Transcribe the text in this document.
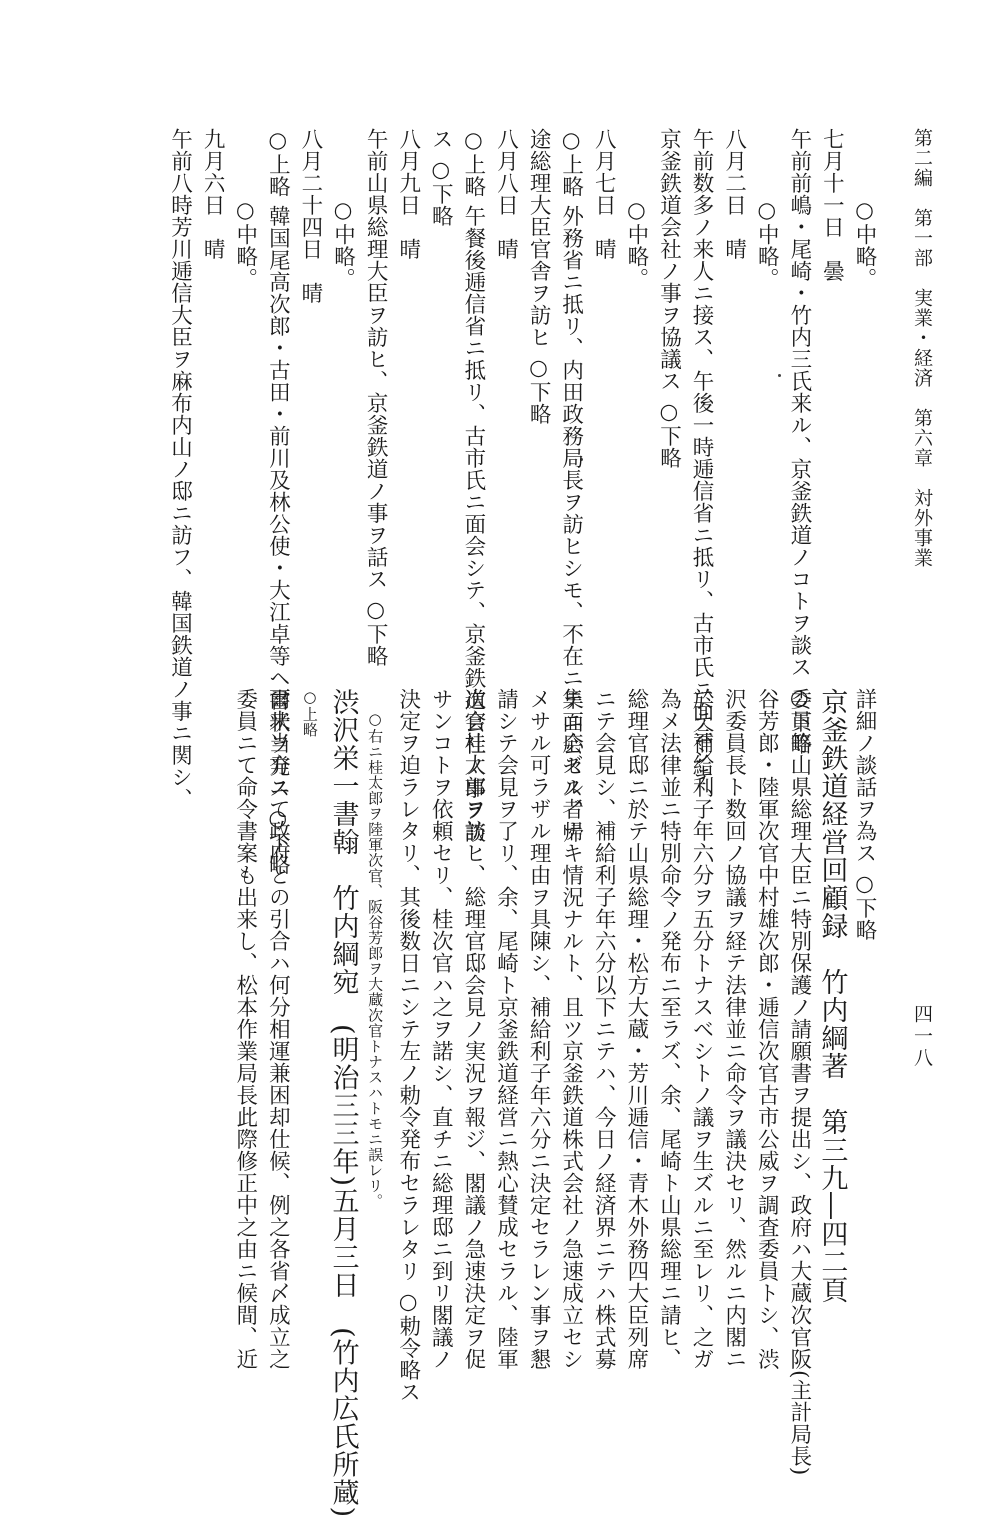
第二編　第一部　実業・経済　第六章　対外事業
四一八
○中略。
七月十一日　曇
午前前嶋・尾崎・竹内三氏来ル、京釜鉄道ノコトヲ談ス ○下略
○中略。
八月二日　晴
午前数多ノ来人ニ接ス、午後一時逓信省ニ抵リ、古市氏ニ面会シテ、
京釜鉄道会社ノ事ヲ協議ス ○下略
○中略。
八月七日　晴
○上略 外務省ニ抵リ、内田政務局長ヲ訪ヒシモ、不在ニテ面会セス、帰
途総理大臣官舎ヲ訪ヒ ○下略
八月八日　晴
○上略 午餐後逓信省ニ抵リ、古市氏ニ面会シテ、京釜鉄道会社ノ事ヲ談
ス ○下略
八月九日　晴
午前山県総理大臣ヲ訪ヒ、京釜鉄道ノ事ヲ話ス ○下略
○中略。
八月二十四日　晴
○上略 韓国尾高次郎・古田・前川及林公使・大江卓等ヘ書状ヲ発ス ○下略
○中略。
九月六日　晴
午前八時芳川逓信大臣ヲ麻布内山ノ邸ニ訪フ、韓国鉄道ノ事ニ関シ、
詳細ノ談話ヲ為ス ○下略
京釜鉄道経営回顧録　竹内綱著　第三九―四二頁
委員等山県総理大臣ニ特別保護ノ請願書ヲ提出シ、政府ハ大蔵次官阪(主計局長)
谷芳郎・陸軍次官中村雄次郎・逓信次官古市公威ヲ調査委員トシ、渋
沢委員長ト数回ノ協議ヲ経テ法律並ニ命令ヲ議決セリ、然ルニ内閣ニ
於テ補給利子年六分ヲ五分トナスベシトノ議ヲ生ズルニ至レリ、之ガ
為メ法律並ニ特別命令ノ発布ニ至ラズ、余、尾崎ト山県総理ニ請ヒ、
総理官邸ニ於テ山県総理・松方大蔵・芳川逓信・青木外務四大臣列席
ニテ会見シ、補給利子年六分以下ニテハ、今日ノ経済界ニテハ株式募
集ニ応ズル者ナキ情況ナルト、且ツ京釜鉄道株式会社ノ急速成立セシ
メサル可ラザル理由ヲ具陳シ、補給利子年六分ニ決定セラレン事ヲ懇
請シテ会見ヲ了リ、余、尾崎ト京釜鉄道経営ニ熱心賛成セラル、陸軍
次官桂太郎ヲ訪ヒ、総理官邸会見ノ実況ヲ報ジ、閣議ノ急速決定ヲ促
サンコトヲ依頼セリ、桂次官ハ之ヲ諾シ、直チニ総理邸ニ到リ閣議ノ
決定ヲ迫ラレタリ、其後数日ニシテ左ノ勅令発布セラレタリ ○勅令略ス
○右ニ桂太郎ヲ陸軍次官、阪谷芳郎ヲ大蔵次官トナスハトモニ誤レリ。
渋沢栄一書翰　竹内綱宛　(明治三三年)五月三日　(竹内広氏所蔵)
○上略
爾来当方ニて政府との引合ハ何分相運兼困却仕候、例之各省〆成立之
委員ニて命令書案も出来し、松本作業局長此際修正中之由ニ候間、近
